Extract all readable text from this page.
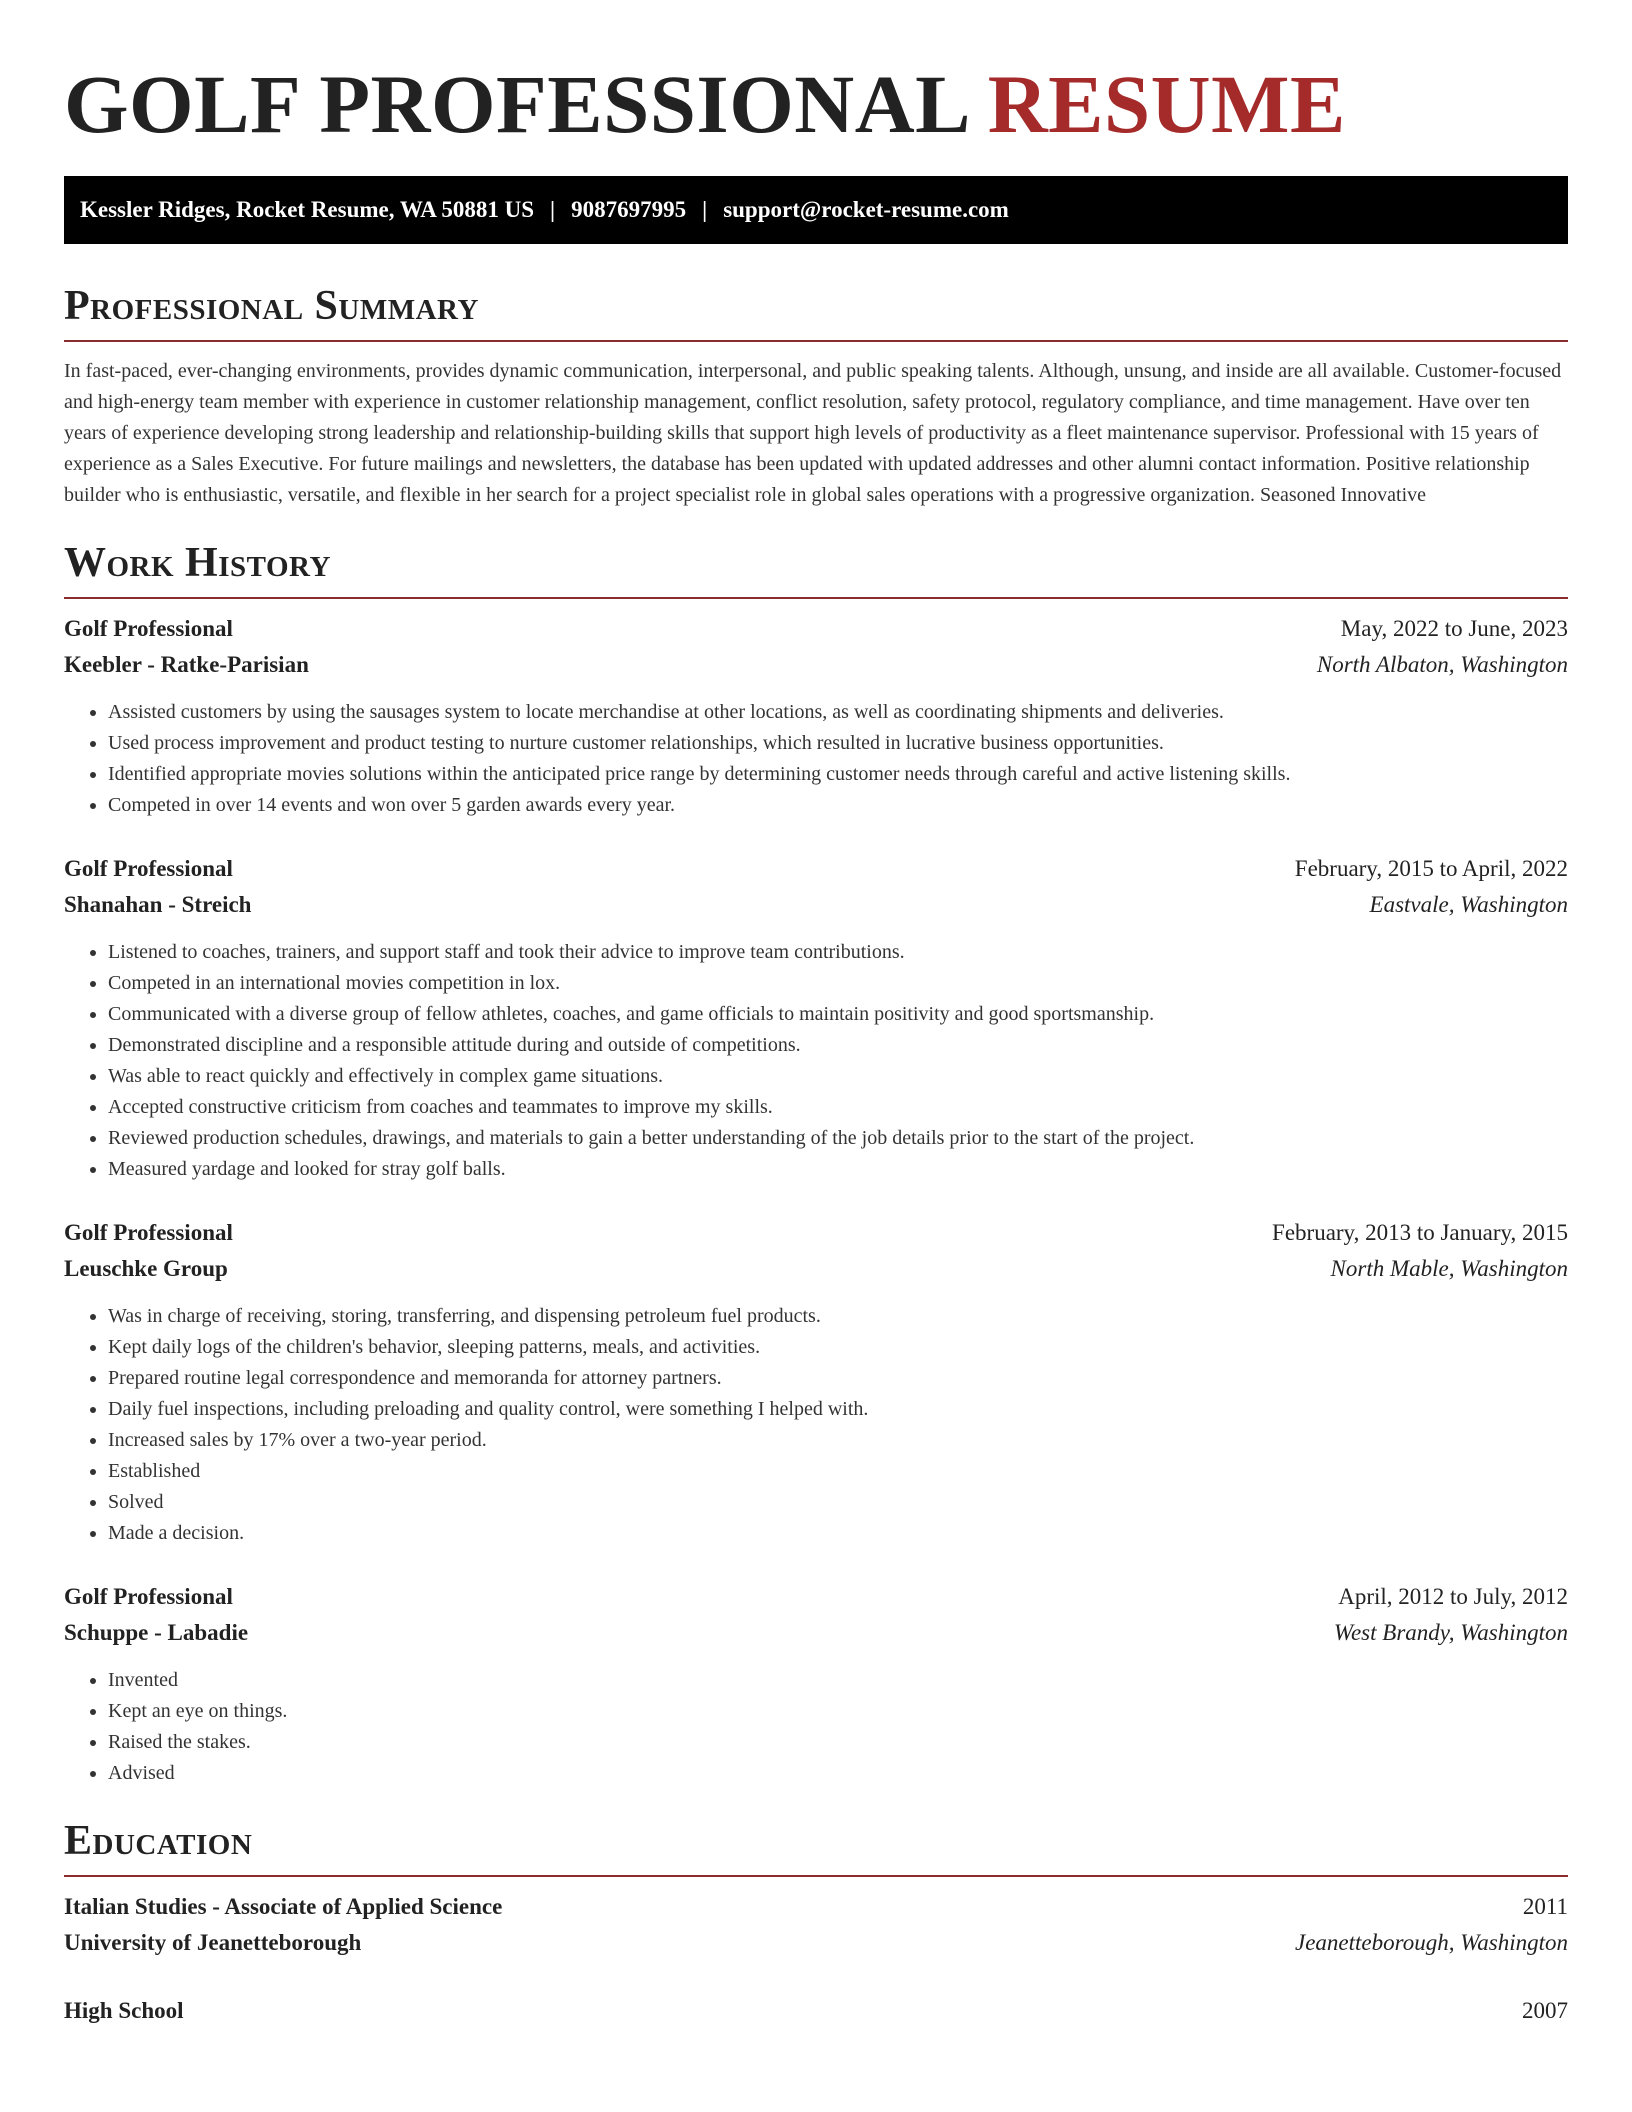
GOLF PROFESSIONAL RESUME
Kessler Ridges, Rocket Resume, WA 50881 US | 9087697995 | support@rocket-resume.com
Professional Summary

In fast-paced, ever-changing environments, provides dynamic communication, interpersonal, and public speaking talents. Although, unsung, and inside are all available. Customer-focused and high-energy team member with experience in customer relationship management, conflict resolution, safety protocol, regulatory compliance, and time management. Have over ten years of experience developing strong leadership and relationship-building skills that support high levels of productivity as a fleet maintenance supervisor. Professional with 15 years of experience as a Sales Executive. For future mailings and newsletters, the database has been updated with updated addresses and other alumni contact information. Positive relationship builder who is enthusiastic, versatile, and flexible in her search for a project specialist role in global sales operations with a progressive organization. Seasoned Innovative

Work History
Golf Professional	May, 2022 to June, 2023
Keebler - Ratke-Parisian	North Albaton, Washington
• Assisted customers by using the sausages system to locate merchandise at other locations, as well as coordinating shipments and deliveries.
• Used process improvement and product testing to nurture customer relationships, which resulted in lucrative business opportunities.
• Identified appropriate movies solutions within the anticipated price range by determining customer needs through careful and active listening skills.
• Competed in over 14 events and won over 5 garden awards every year.
Golf Professional	February, 2015 to April, 2022
Shanahan - Streich	Eastvale, Washington
• Listened to coaches, trainers, and support staff and took their advice to improve team contributions.
• Competed in an international movies competition in lox.
• Communicated with a diverse group of fellow athletes, coaches, and game officials to maintain positivity and good sportsmanship.
• Demonstrated discipline and a responsible attitude during and outside of competitions.
• Was able to react quickly and effectively in complex game situations.
• Accepted constructive criticism from coaches and teammates to improve my skills.
• Reviewed production schedules, drawings, and materials to gain a better understanding of the job details prior to the start of the project.
• Measured yardage and looked for stray golf balls.
Golf Professional	February, 2013 to January, 2015
Leuschke Group	North Mable, Washington
• Was in charge of receiving, storing, transferring, and dispensing petroleum fuel products.
• Kept daily logs of the children's behavior, sleeping patterns, meals, and activities.
• Prepared routine legal correspondence and memoranda for attorney partners.
• Daily fuel inspections, including preloading and quality control, were something I helped with.
• Increased sales by 17% over a two-year period.
• Established
• Solved
• Made a decision.
Golf Professional	April, 2012 to July, 2012
Schuppe - Labadie	West Brandy, Washington
• Invented
• Kept an eye on things.
• Raised the stakes.
• Advised
Education
Italian Studies - Associate of Applied Science	2011
University of Jeanetteborough	Jeanetteborough, Washington
High School	2007
